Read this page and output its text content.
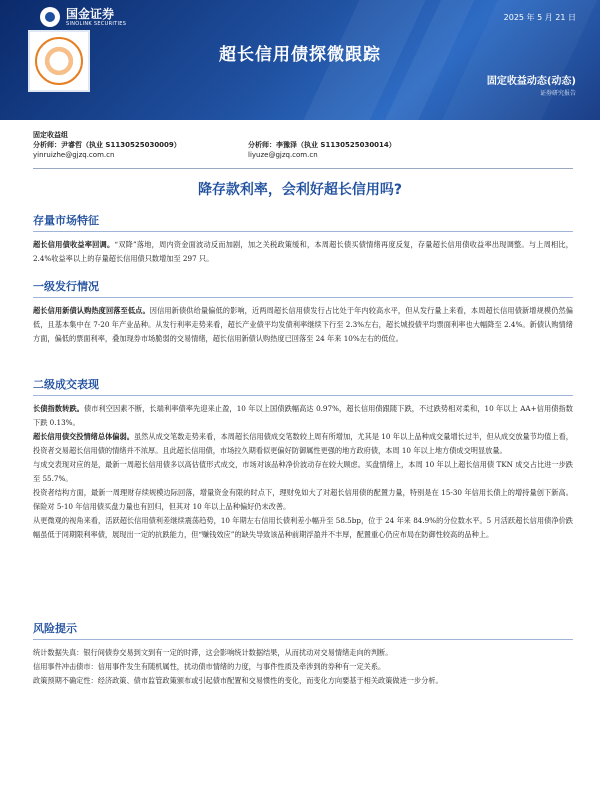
国金证券
SINOLINK SECURITIES
2025 年 5 月 21 日
超长信用债探微跟踪
固定收益动态(动态)
证券研究报告
固定收益组
分析师：尹睿哲（执业 S1130525030009）	分析师：李豫泽（执业 S1130525030014）
yinruizhe@gjzq.com.cn	liyuze@gjzq.com.cn
降存款利率，会利好超长信用吗?
存量市场特征

超长信用债收益率回调。“双降”落地，周内资金面波动反而加剧，加之关税政策缓和，本周超长债买债情绪再度反复，存量超长信用债收益率出现调整。与上周相比，2.4%收益率以上的存量超长信用债只数增加至 297 只。

一级发行情况

超长信用新债认购热度回落至低点。因信用新债供给量偏低的影响，近两周超长信用债发行占比处于年内较高水平，但从发行量上来看，本周超长信用债新增规模仍然偏低，且基本集中在 7-20 年产业品种。从发行利率走势来看，超长产业债平均发债利率继续下行至 2.3%左右，超长城投债平均票面利率也大幅降至 2.4%。新债认购情绪方面，偏低的票面利率，叠加现券市场脆弱的交易情绪，超长信用新债认购热度已回落至 24 年来 10%左右的低位。

二级成交表现

长债指数转跌。债市利空因素不断，长端利率债率先迎来止盈，10 年以上国债跌幅高达 0.97%，超长信用债跟随下跌，不过跌势相对柔和，10 年以上 AA+信用债指数下跌 0.13%。

超长信用债交投情绪总体偏弱。虽然从成交笔数走势来看，本周超长信用债成交笔数较上周有所增加，尤其是 10 年以上品种成交量增长过半，但从成交放量节均值上看，投资者交易超长信用债的情绪并不浓厚。且此超长信用债，市场拉久期看似更偏好防御属性更强的地方政府债，本周 10 年以上地方债成交明显放量。

与成交表现对应的是，最新一周超长信用债多以高估值形式成交，市场对该品种净价波动存在较大顾虑。买盘情绪上，本周 10 年以上超长信用债 TKN 成交占比进一步跌至 55.7%。

投资者结构方面，最新一周理财存续规模边际回落，增量资金有限的时点下，理财免如大了对超长信用债的配置力量，特别是在 15-30 年信用长债上的增持量创下新高。保险对 5-10 年信用债买盘力量也有回归，但其对 10 年以上品种偏好仍未改善。

从更微观的视角来看，活跃超长信用债利差继续震荡趋势，10 年期左右信用长债利差小幅升至 58.5bp，位于 24 年来 84.9%的分位数水平。5 月活跃超长信用债净价跌幅虽低于同期限利率债，展现出一定的抗跌能力，但“赚钱效应”的缺失导致该品种前期浮盈并不丰厚，配置重心仍应布局在防御性较高的品种上。

风险提示

统计数据失真：银行间债券交易到文到有一定的时滞，这会影响统计数据结果，从而扰动对交易情绪走向的判断。

信用事件冲击债市：信用事件发生有随机属性，扰动债市情绪的力度，与事件性质及牵涉到的券种有一定关系。

政策预期不确定性：经济政策、债市监管政策颁布或引起债市配置和交易惯性的变化，而变化方向要基于相关政策做进一步分析。
